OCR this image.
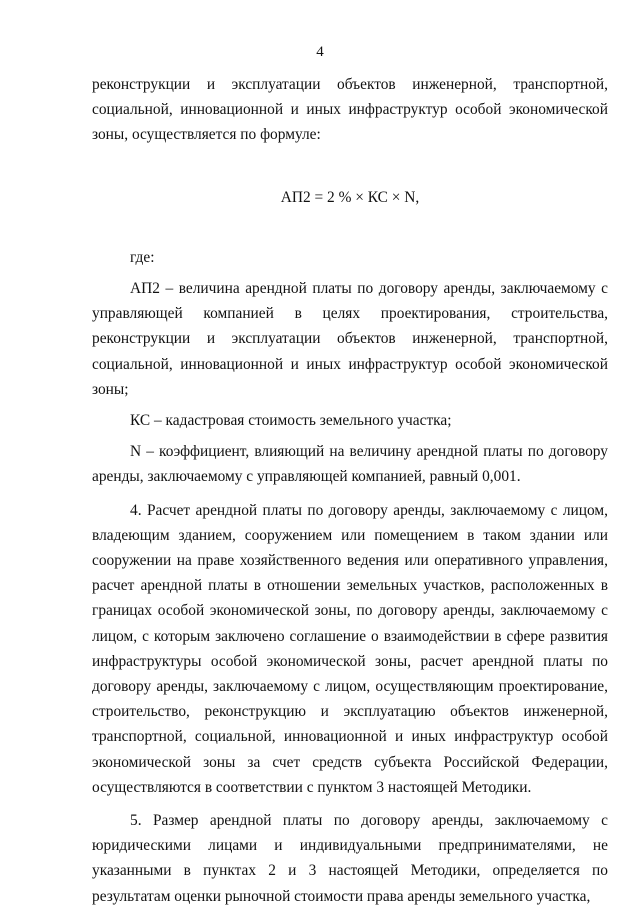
4

реконструкции и эксплуатации объектов инженерной, транспортной, социальной, инновационной и иных инфраструктур особой экономической зоны, осуществляется по формуле:

АП2 = 2 % × КС × N,

где:

АП2 – величина арендной платы по договору аренды, заключаемому с управляющей компанией в целях проектирования, строительства, реконструкции и эксплуатации объектов инженерной, транспортной, социальной, инновационной и иных инфраструктур особой экономической зоны;

КС – кадастровая стоимость земельного участка;

N – коэффициент, влияющий на величину арендной платы по договору аренды, заключаемому с управляющей компанией, равный 0,001.

4. Расчет арендной платы по договору аренды, заключаемому с лицом, владеющим зданием, сооружением или помещением в таком здании или сооружении на праве хозяйственного ведения или оперативного управления, расчет арендной платы в отношении земельных участков, расположенных в границах особой экономической зоны, по договору аренды, заключаемому с лицом, с которым заключено соглашение о взаимодействии в сфере развития инфраструктуры особой экономической зоны, расчет арендной платы по договору аренды, заключаемому с лицом, осуществляющим проектирование, строительство, реконструкцию и эксплуатацию объектов инженерной, транспортной, социальной, инновационной и иных инфраструктур особой экономической зоны за счет средств субъекта Российской Федерации, осуществляются в соответствии с пунктом 3 настоящей Методики.

5. Размер арендной платы по договору аренды, заключаемому с юридическими лицами и индивидуальными предпринимателями, не указанными в пунктах 2 и 3 настоящей Методики, определяется по результатам оценки рыночной стоимости права аренды земельного участка,
